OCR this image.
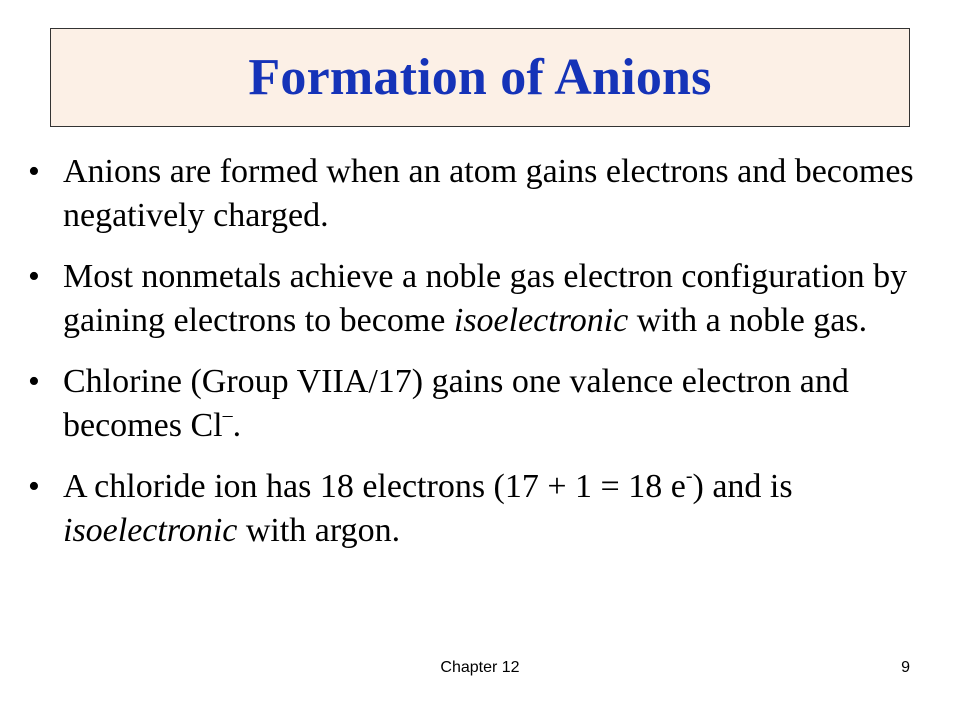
Formation of Anions
• Anions are formed when an atom gains electrons and becomes negatively charged.
• Most nonmetals achieve a noble gas electron configuration by gaining electrons to become isoelectronic with a noble gas.
• Chlorine (Group VIIA/17) gains one valence electron and becomes Cl–.
• A chloride ion has 18 electrons (17 + 1 = 18 e-) and is isoelectronic with argon.
Chapter 12	9
